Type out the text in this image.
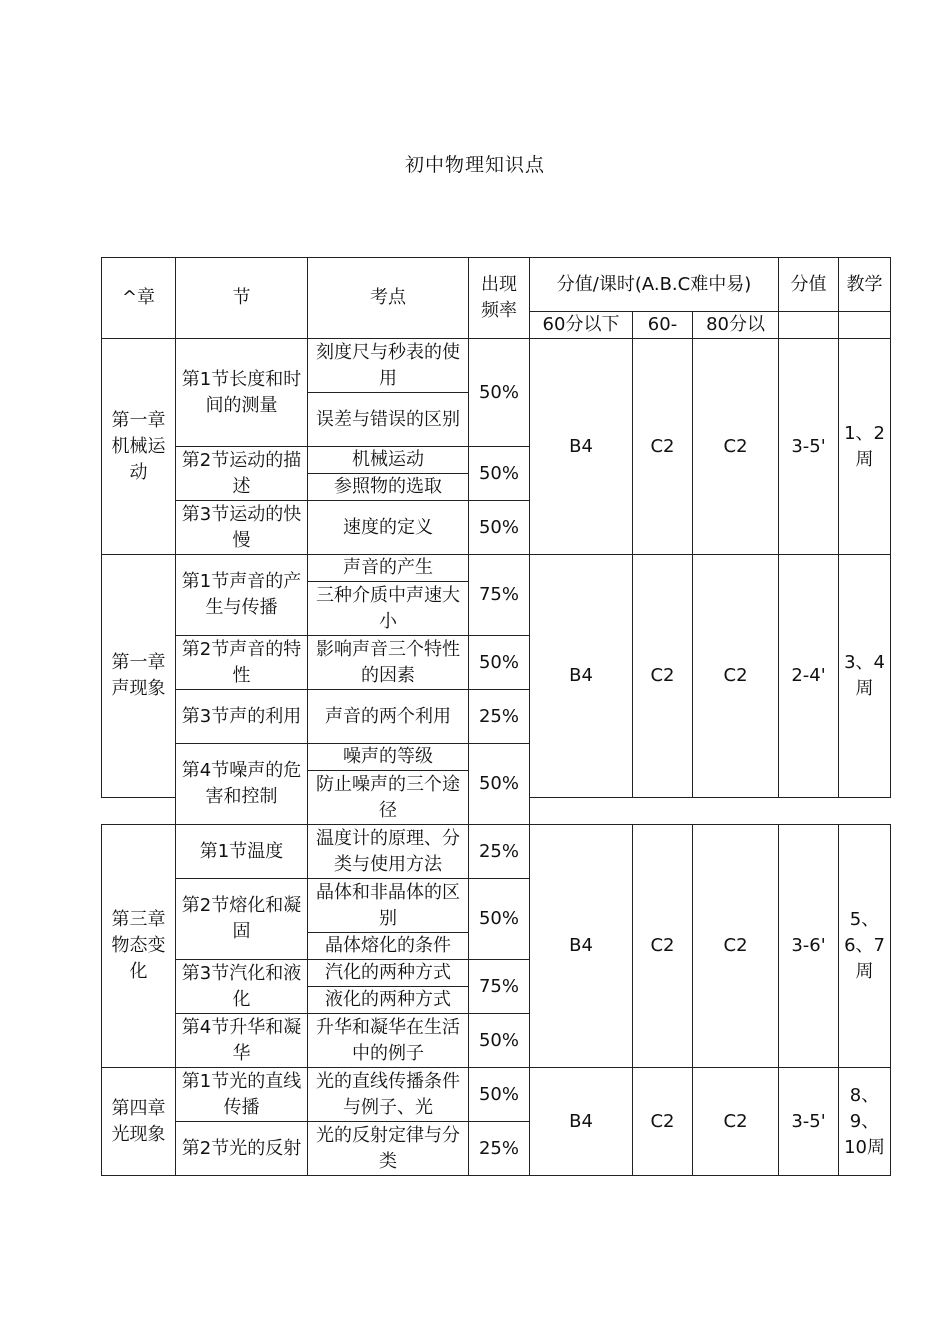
初中物理知识点
^章	节	考点	出现频率	分值/课时(A.B.C难中易)			分值	教学
				60分以下	60-	80分以		
第一章机械运动	第1节长度和时间的测量	刻度尺与秒表的使用	50%	B4	C2	C2	3-5'	1、2周
		误差与错误的区别						
	第2节运动的描述	机械运动	50%					
		参照物的选取						
	第3节运动的快慢	速度的定义	50%					

第一章声现象	第1节声音的产生与传播	声音的产生	75%	B4	C2	C2	2-4'	3、4周
		三种介质中声速大小						

	第2节声音的特性	影响声音三个特性的因素	50%					
	第3节声的利用	声音的两个利用	25%					

	第4节噪声的危害和控制	噪声的等级	50%					
		防止噪声的三个途径						

第三章物态变化	第1节温度	温度计的原理、分类与使用方法	25%	B4	C2	C2	3-6'	5、6、7周
	第2节熔化和凝固	晶体和非晶体的区别	50%					
		晶体熔化的条件						
	第3节汽化和液化	汽化的两种方式	75%					
		液化的两种方式						
	第4节升华和凝华	升华和凝华在生活中的例子	50%					

第四章光现象	第1节光的直线传播	光的直线传播条件与例子、光	50%	B4	C2	C2	3-5'	8、9、10周

	第2节光的反射	光的反射定律与分类	25%					
